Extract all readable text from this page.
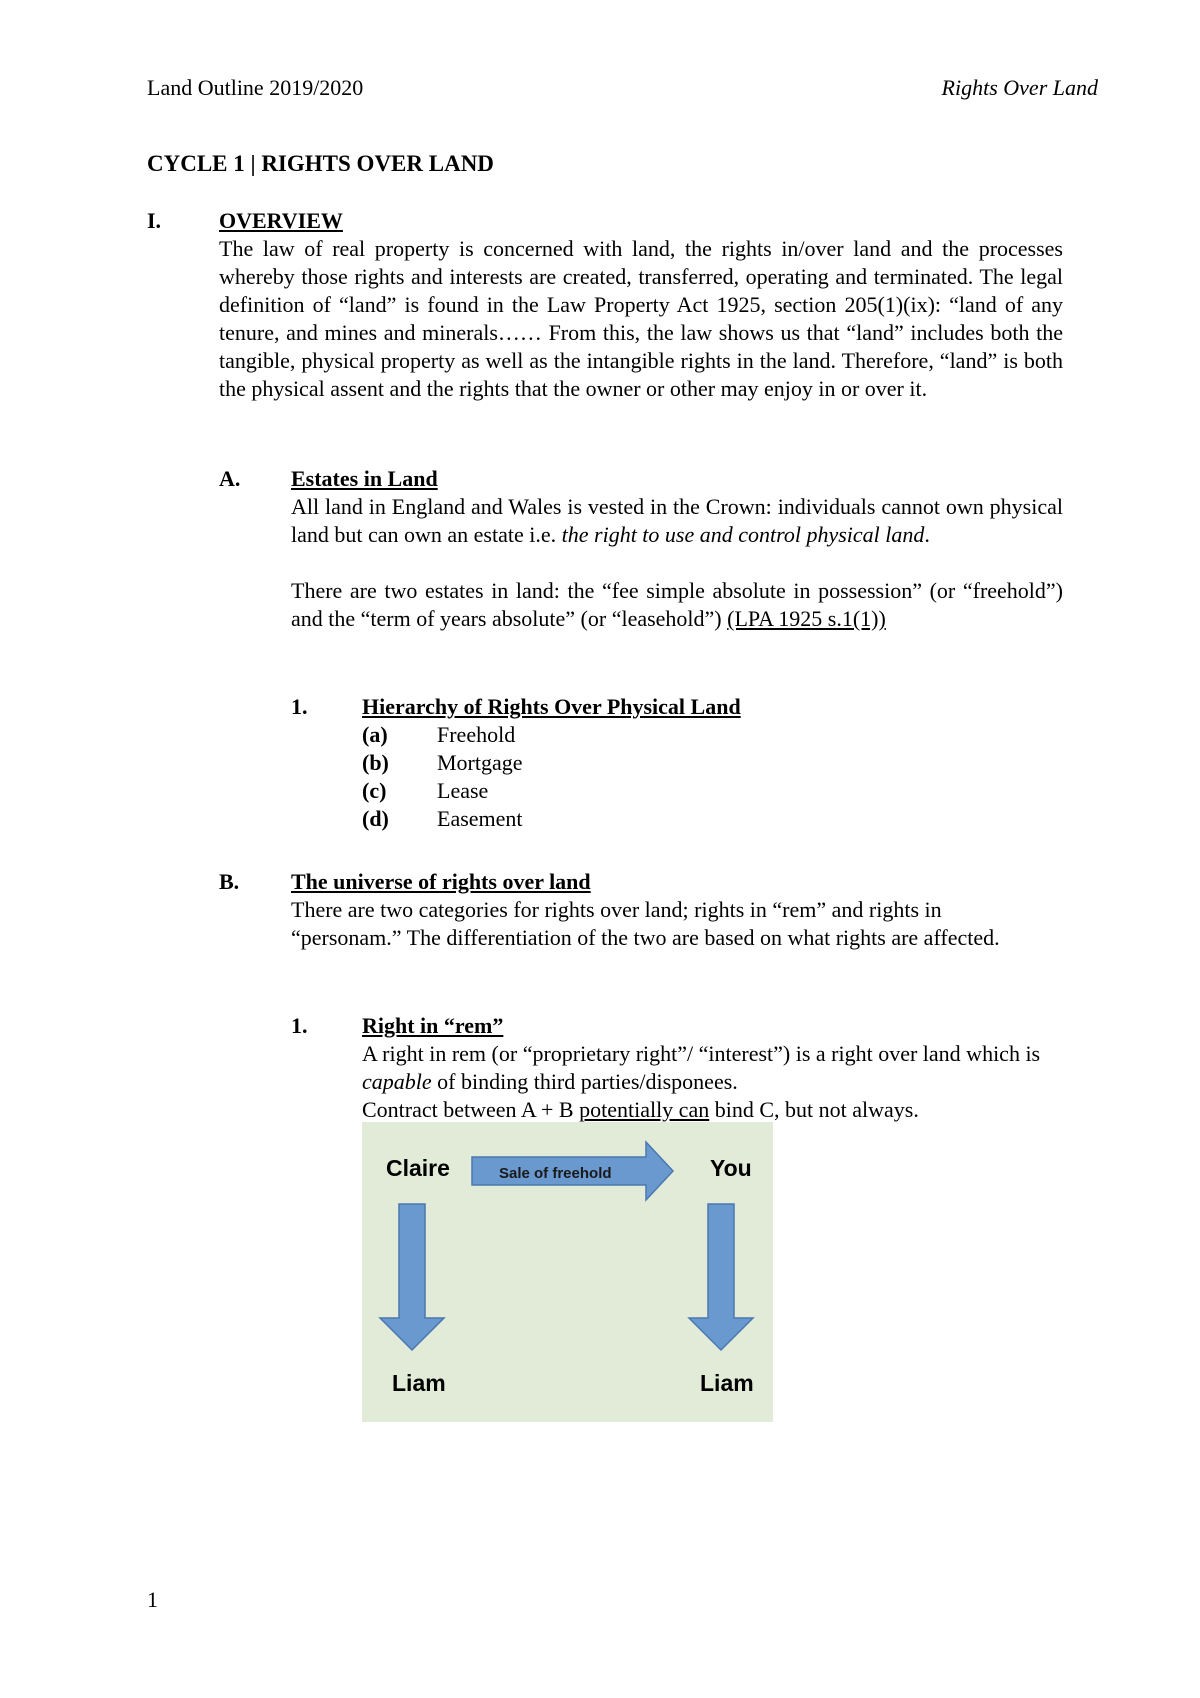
Land Outline 2019/2020	Rights Over Land
CYCLE 1 | RIGHTS OVER LAND
I.	OVERVIEW
The law of real property is concerned with land, the rights in/over land and the processes whereby those rights and interests are created, transferred, operating and terminated. The legal definition of “land” is found in the Law Property Act 1925, section 205(1)(ix): “land of any tenure, and mines and minerals…… From this, the law shows us that “land” includes both the tangible, physical property as well as the intangible rights in the land. Therefore, “land” is both the physical assent and the rights that the owner or other may enjoy in or over it.
A. Estates in Land
All land in England and Wales is vested in the Crown: individuals cannot own physical land but can own an estate i.e. the right to use and control physical land.
There are two estates in land: the “fee simple absolute in possession” (or “freehold”) and the “term of years absolute” (or “leasehold”) (LPA 1925 s.1(1))
1. Hierarchy of Rights Over Physical Land
(a) Freehold
(b) Mortgage
(c) Lease
(d) Easement
B. The universe of rights over land
There are two categories for rights over land; rights in “rem” and rights in “personam.” The differentiation of the two are based on what rights are affected.
1. Right in “rem”
A right in rem (or “proprietary right”/ “interest”) is a right over land which is capable of binding third parties/disponees.
Contract between A + B potentially can bind C, but not always.
Claire	You
Sale of freehold
Liam	Liam
1
